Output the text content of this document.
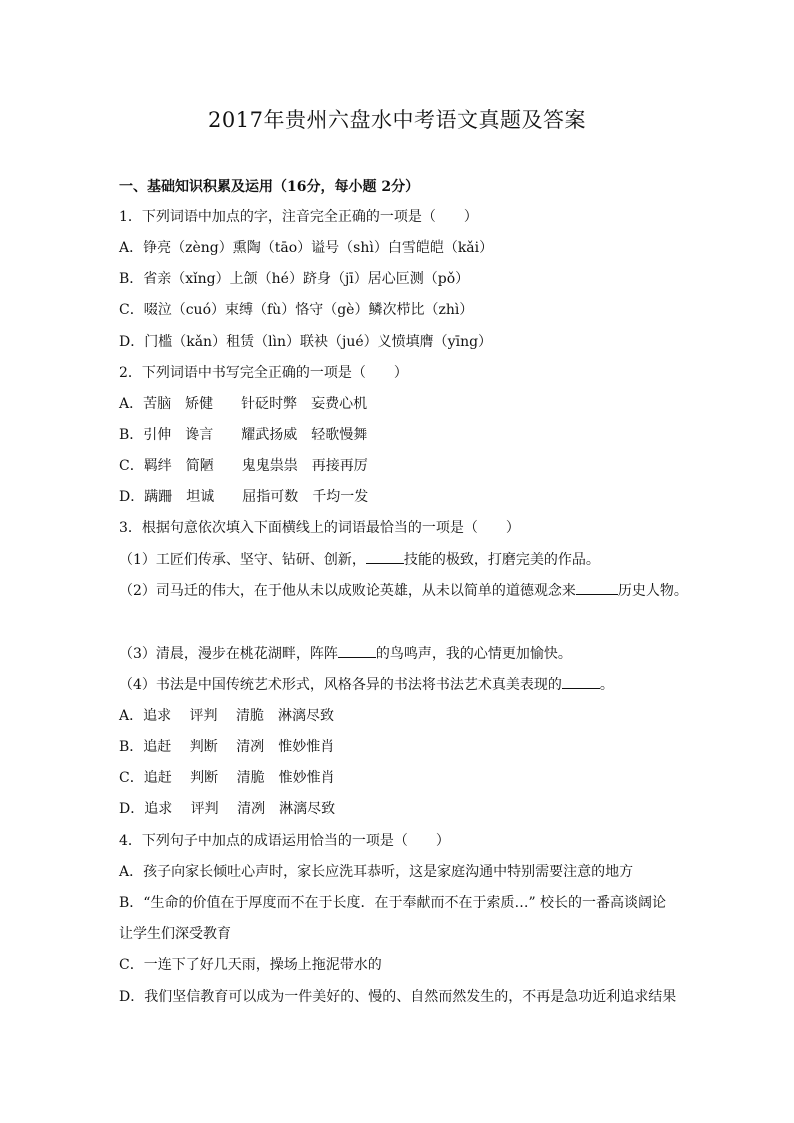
2017年贵州六盘水中考语文真题及答案
一、基础知识积累及运用（16分，每小题 2分）
1．下列词语中加点的字，注音完全正确的一项是（　　）
A．铮亮（zèng）熏陶（tāo）谥号（shì）白雪皑皑（kǎi）
B．省亲（xǐng）上颌（hé）跻身（jī）居心叵测（pǒ）
C．啜泣（cuó）束缚（fù）恪守（gè）鳞次栉比（zhì）
D．门槛（kǎn）租赁（lìn）联袂（jué）义愤填膺（yīng）
2．下列词语中书写完全正确的一项是（　　）
A．苦脑　矫健　　针砭时弊　妄费心机
B．引伸　谗言　　耀武扬威　轻歌慢舞
C．羁绊　简陋　　鬼鬼祟祟　再接再厉
D．蹒跚　坦诚　　屈指可数　千均一发
3．根据句意依次填入下面横线上的词语最恰当的一项是（　　）
（1）工匠们传承、坚守、钻研、创新，	技能的极致，打磨完美的作品。
（2）司马迁的伟大，在于他从未以成败论英雄，从未以简单的道德观念来	历史人物。
（3）清晨，漫步在桃花湖畔，阵阵	的鸟鸣声，我的心情更加愉快。
（4）书法是中国传统艺术形式，风格各异的书法将书法艺术真美表现的	。
A．追求　 评判　 清脆　淋漓尽致
B．追赶　 判断　 清冽　惟妙惟肖
C．追赶　 判断　 清脆　惟妙惟肖
D．追求　 评判　 清冽　淋漓尽致
4．下列句子中加点的成语运用恰当的一项是（　　）
A．孩子向家长倾吐心声时，家长应洗耳恭听，这是家庭沟通中特别需要注意的地方
B．“生命的价值在于厚度而不在于长度．在于奉献而不在于索质…” 校长的一番高谈阔论
让学生们深受教育
C．一连下了好几天雨，操场上拖泥带水的
D．我们坚信教育可以成为一件美好的、慢的、自然而然发生的，不再是急功近利追求结果
